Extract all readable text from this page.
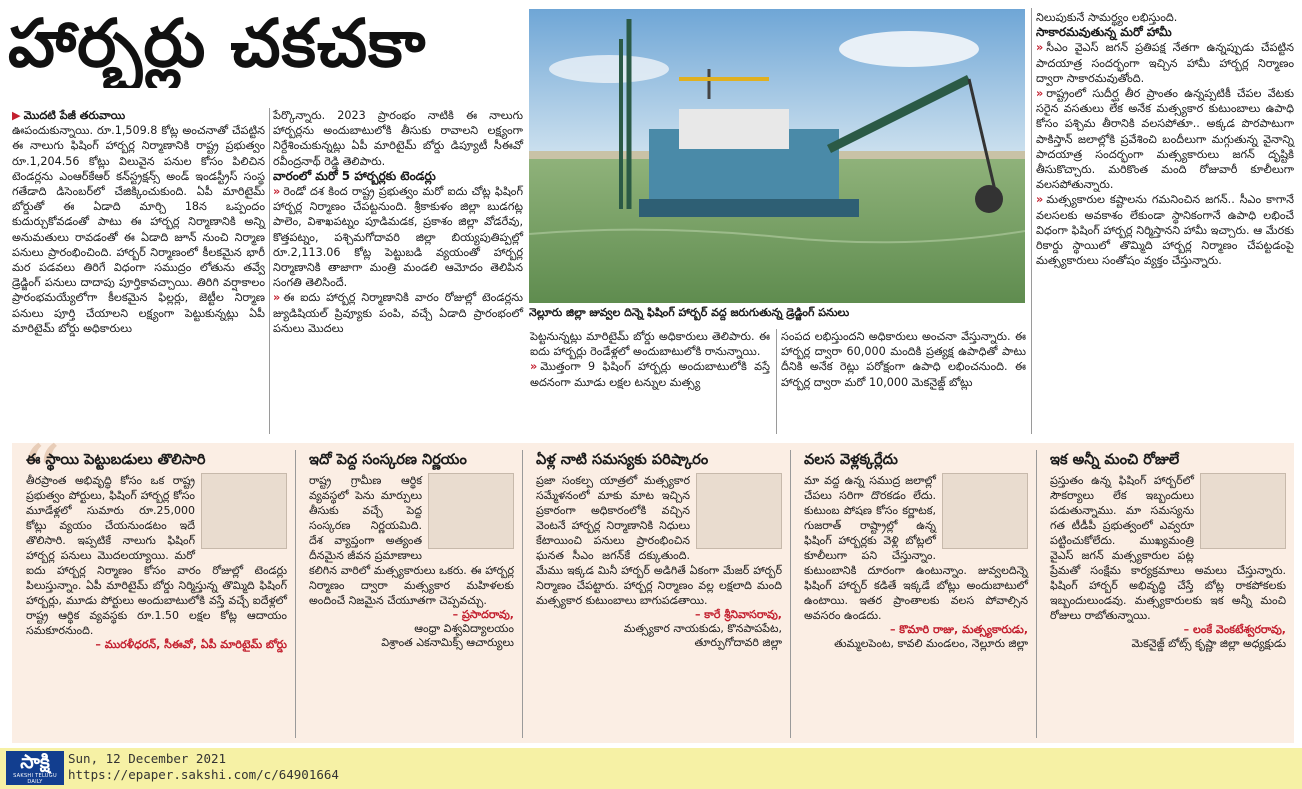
హార్బర్లు చకచకా
నెల్లూరు జిల్లా జువ్వల దిన్నె ఫిషింగ్ హార్బర్ వద్ద జరుగుతున్న డ్రెడ్జింగ్ పనులు

▶ మొదటి పేజీ తరువాయి

ఊపందుకున్నాయి. రూ.1,509.8 కోట్ల అంచనాతో చేపట్టిన ఈ నాలుగు ఫిషింగ్ హార్బర్ల నిర్మాణానికి రాష్ట్ర ప్రభుత్వం రూ.1,204.56 కోట్లు విలువైన పనుల కోసం పిలిచిన టెండర్లను ఎంఆర్‌కేఆర్ కన్‌స్ట్రక్షన్స్ అండ్ ఇండస్ట్రీస్ సంస్థ గతేడాది డిసెంబర్‌లో చేజిక్కించుకుంది. ఏపీ మారిటైమ్ బోర్డుతో ఈ ఏడాది మార్చి 18న ఒప్పందం కుదుర్చుకోవడంతో పాటు ఈ హార్బర్ల నిర్మాణానికి అన్ని అనుమతులు రావడంతో ఈ ఏడాది జూన్ నుంచి నిర్మాణ పనులు ప్రారంభించింది. హార్బర్ నిర్మాణంలో కీలకమైన భారీ మర పడవలు తిరిగే విధంగా సముద్రం లోతును తవ్వే డ్రెడ్జింగ్ పనులు దాదాపు పూర్తికావచ్చాయి. తిరిగి వర్షాకాలం ప్రారంభమయ్యేలోగా కీలకమైన ఫిల్లర్లు, జెట్టీల నిర్మాణ పనులు పూర్తి చేయాలని లక్ష్యంగా పెట్టుకున్నట్లు ఏపీ మారిటైమ్ బోర్డు అధికారులు

పేర్కొన్నారు. 2023 ప్రారంభం నాటికి ఈ నాలుగు హార్బర్లను అందుబాటులోకి తీసుకు రావాలని లక్ష్యంగా నిర్దేశించుకున్నట్లు ఏపీ మారిటైమ్ బోర్డు డిప్యూటీ సీఈవో రవీంద్రనాథ్ రెడ్డి తెలిపారు.

వారంలో మరో 5 హార్బర్లకు టెండర్లు

» రెండో దశ కింద రాష్ట్ర ప్రభుత్వం మరో ఐదు చోట్ల ఫిషింగ్ హార్బర్ల నిర్మాణం చేపట్టనుంది. శ్రీకాకుళం జిల్లా బుడగట్ల పాలెం, విశాఖపట్నం పూడిమడక, ప్రకాశం జిల్లా వోడరేవు, కొత్తపట్నం, పశ్చిమగోదావరి జిల్లా బియ్యపుతిప్పల్లో రూ.2,113.06 కోట్ల పెట్టుబడి వ్యయంతో హార్బర్ల నిర్మాణానికి తాజాగా మంత్రి మండలి ఆమోదం తెలిపిన సంగతి తెలిసిందే.

» ఈ ఐదు హార్బర్ల నిర్మాణానికి వారం రోజుల్లో టెండర్లను జ్యుడిషియల్ ప్రివ్యూకు పంపి, వచ్చే ఏడాది ప్రారంభంలో పనులు మొదలు

పెట్టనున్నట్లు మారిటైమ్ బోర్డు అధికారులు తెలిపారు. ఈ ఐదు హార్బర్లు రెండేళ్లలో అందుబాటులోకి రానున్నాయి.

» మొత్తంగా 9 ఫిషింగ్ హార్బర్లు అందుబాటులోకి వస్తే అదనంగా మూడు లక్షల టన్నుల మత్స్య

సంపద లభిస్తుందని అధికారులు అంచనా వేస్తున్నారు. ఈ హార్బర్ల ద్వారా 60,000 మందికి ప్రత్యక్ష ఉపాధితో పాటు దీనికి అనేక రెట్లు పరోక్షంగా ఉపాధి లభించనుంది. ఈ హార్బర్ల ద్వారా మరో 10,000 మెకనైజ్డ్ బోట్లు

నిలుపుకునే సామర్థ్యం లభిస్తుంది.

సాకారమవుతున్న మరో హామీ

» సీఎం వైఎస్ జగన్ ప్రతిపక్ష నేతగా ఉన్నప్పుడు చేపట్టిన పాదయాత్ర సందర్భంగా ఇచ్చిన హామీ హార్బర్ల నిర్మాణం ద్వారా సాకారమవుతోంది.

» రాష్ట్రంలో సుదీర్ఘ తీర ప్రాంతం ఉన్నప్పటికీ చేపల వేటకు సరైన వసతులు లేక అనేక మత్స్యకార కుటుంబాలు ఉపాధి కోసం పశ్చిమ తీరానికి వలసపోతూ.. అక్కడ పొరపాటుగా పాకిస్తాన్ జలాల్లోకి ప్రవేశించి బందీలుగా మగ్గుతున్న వైనాన్ని పాదయాత్ర సందర్భంగా మత్స్యకారులు జగన్ దృష్టికి తీసుకొచ్చారు. మరికొంత మంది రోజువారీ కూలీలుగా వలసపోతున్నారు.

» మత్స్యకారుల కష్టాలను గమనించిన జగన్.. సీఎం కాగానే వలసలకు అవకాశం లేకుండా స్థానికంగానే ఉపాధి లభించే విధంగా ఫిషింగ్ హార్బర్ల నిర్మిస్తానని హామీ ఇచ్చారు. ఆ మేరకు రికార్డు స్థాయిలో తొమ్మిది హార్బర్ల నిర్మాణం చేపట్టడంపై మత్స్యకారులు సంతోషం వ్యక్తం చేస్తున్నారు.

“
ఈ స్థాయి పెట్టుబడులు తొలిసారి
తీరప్రాంత అభివృద్ధి కోసం ఒక రాష్ట్ర ప్రభుత్వం పోర్టులు, ఫిషింగ్ హార్బర్ల కోసం మూడేళ్లలో సుమారు రూ.25,000 కోట్లు వ్యయం చేయనుండటం ఇదే తొలిసారి. ఇప్పటికే నాలుగు ఫిషింగ్ హార్బర్ల పనులు మొదలయ్యాయి. మరో ఐదు హార్బర్ల నిర్మాణం కోసం వారం రోజుల్లో టెండర్లు పిలుస్తున్నాం. ఏపీ మారిటైమ్ బోర్డు నిర్మిస్తున్న తొమ్మిది ఫిషింగ్ హార్బర్లు, మూడు పోర్టులు అందుబాటులోకి వస్తే వచ్చే ఐదేళ్లలో రాష్ట్ర ఆర్థిక వ్యవస్థకు రూ.1.50 లక్షల కోట్ల ఆదాయం సమకూరనుంది.
– మురళీధరన్, సీఈవో, ఏపీ మారిటైమ్ బోర్డు
ఇదో పెద్ద సంస్కరణ నిర్ణయం
రాష్ట్ర గ్రామీణ ఆర్థిక వ్యవస్థలో పెను మార్పులు తీసుకు వచ్చే పెద్ద సంస్కరణ నిర్ణయమిది. దేశ వ్యాప్తంగా అత్యంత దీనమైన జీవన ప్రమాణాలు కలిగిన వారిలో మత్స్యకారులు ఒకరు. ఈ హార్బర్ల నిర్మాణం ద్వారా మత్స్యకార మహిళలకు అందించే నిజమైన చేయూతగా చెప్పవచ్చు.
– ప్రసాదరావు,
ఆంధ్రా విశ్వవిద్యాలయం
విశ్రాంత ఎకనామిక్స్ ఆచార్యులు
ఏళ్ల నాటి సమస్యకు పరిష్కారం
ప్రజా సంకల్ప యాత్రలో మత్స్యకార సమ్మేళనంలో మాకు మాట ఇచ్చిన ప్రకారంగా అధికారంలోకి వచ్చిన వెంటనే హార్బర్ల నిర్మాణానికి నిధులు కేటాయించి పనులు ప్రారంభించిన ఘనత సీఎం జగన్‌కే దక్కుతుంది. మేము ఇక్కడ మినీ హార్బర్ అడిగితే ఏకంగా మేజర్ హార్బర్ నిర్మాణం చేపట్టారు. హార్బర్ల నిర్మాణం వల్ల లక్షలాది మంది మత్స్యకార కుటుంబాలు బాగుపడతాయి.
– కారే శ్రీనివాసరావు,
మత్స్యకార నాయకుడు, కొనపాపపేట,
తూర్పుగోదావరి జిల్లా
వలస వెళ్లక్కర్లేదు
మా వద్ద ఉన్న సముద్ర జలాల్లో చేపలు సరిగా దొరకడం లేదు. కుటుంబ పోషణ కోసం కర్ణాటక, గుజరాత్ రాష్ట్రాల్లో ఉన్న ఫిషింగ్ హార్బర్లకు వెళ్లి బోట్లలో కూలీలుగా పని చేస్తున్నాం. కుటుంబానికి దూరంగా ఉంటున్నాం. జువ్వలదిన్నె ఫిషింగ్ హార్బర్ కడితే ఇక్కడే బోట్లు అందుబాటులో ఉంటాయి. ఇతర ప్రాంతాలకు వలస పోవాల్సిన అవసరం ఉండదు.
– కొమారి రాజు, మత్స్యకారుడు,
తుమ్మలపెంట, కావలి మండలం, నెల్లూరు జిల్లా
ఇక అన్నీ మంచి రోజులే
ప్రస్తుతం ఉన్న ఫిషింగ్ హార్బర్‌లో సౌకర్యాలు లేక ఇబ్బందులు పడుతున్నాము. మా సమస్యను గత టీడీపీ ప్రభుత్వంలో ఎవ్వరూ పట్టించుకోలేదు. ముఖ్యమంత్రి వైఎస్ జగన్ మత్స్యకారుల పట్ల ప్రేమతో సంక్షేమ కార్యక్రమాలు అమలు చేస్తున్నారు. ఫిషింగ్ హార్బర్ అభివృద్ధి చేస్తే బోట్ల రాకపోకలకు ఇబ్బందులుండవు. మత్స్యకారులకు ఇక అన్నీ మంచి రోజులు రాబోతున్నాయి.
– లంకే వెంకటేశ్వరరావు,
మెకనైజ్డ్ బోట్స్ కృష్ణా జిల్లా అధ్యక్షుడు
సాక్షి
SAKSHI TELUGU DAILY
Sun, 12 December 2021
https://epaper.sakshi.com/c/64901664
